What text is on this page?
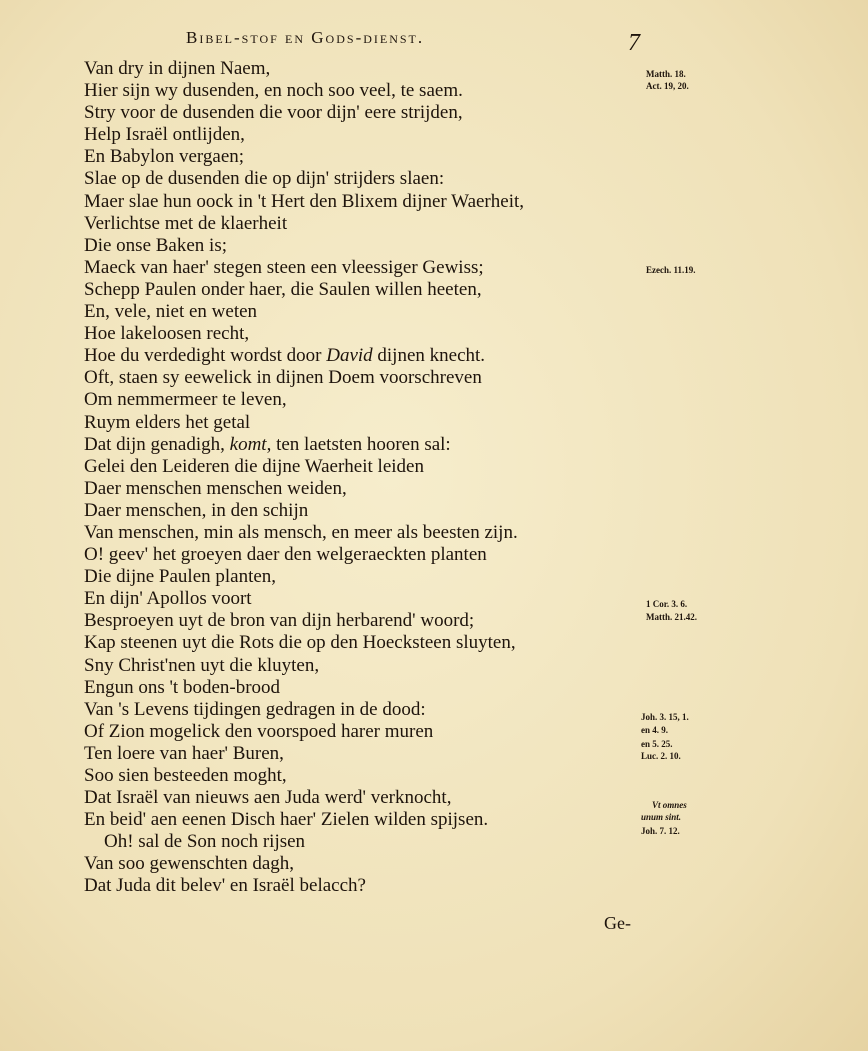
Bibel-stof en Gods-dienst.	7
Van dry in dijnen Naem,
Hier sijn wy dusenden, en noch soo veel, te saem.
Stry voor de dusenden die voor dijn' eere strijden,
Help Israël ontlijden,
En Babylon vergaen;
Slae op de dusenden die op dijn' strijders slaen:
Maer slae hun oock in 't Hert den Blixem dijner Waerheit,
Verlichtse met de klaerheit
Die onse Baken is;
Maeck van haer' stegen steen een vleessiger Gewiss;
Schepp Paulen onder haer, die Saulen willen heeten,
En, vele, niet en weten
Hoe lakeloosen recht,
Hoe du verdedight wordst door David dijnen knecht.
Oft, staen sy eewelick in dijnen Doem voorschreven
Om nemmermeer te leven,
Ruym elders het getal
Dat dijn genadigh, komt, ten laetsten hooren sal:
Gelei den Leideren die dijne Waerheit leiden
Daer menschen menschen weiden,
Daer menschen, in den schijn
Van menschen, min als mensch, en meer als beesten zijn.
O! geev' het groeyen daer den welgeraeckten planten
Die dijne Paulen planten,
En dijn' Apollos voort
Besproeyen uyt de bron van dijn herbarend' woord;
Kap steenen uyt die Rots die op den Hoecksteen sluyten,
Sny Christ'nen uyt die kluyten,
Engun ons 't boden-brood
Van 's Levens tijdingen gedragen in de dood:
Of Zion mogelick den voorspoed harer muren
Ten loere van haer' Buren,
Soo sien besteeden moght,
Dat Israël van nieuws aen Juda werd' verknocht,
En beid' aen eenen Disch haer' Zielen wilden spijsen.
Oh! sal de Son noch rijsen
Van soo gewenschten dagh,
Dat Juda dit belev' en Israël belacch?
Matth. 18.
Act. 19, 20.
Ezech. 11.19.
1 Cor. 3. 6.
Matth. 21.42.
Joh. 3. 15, 1.
en 4. 9.
en 5. 25.
Luc. 2. 10.
Vt omnes
unum sint.
Joh. 7. 12.
Ge-
